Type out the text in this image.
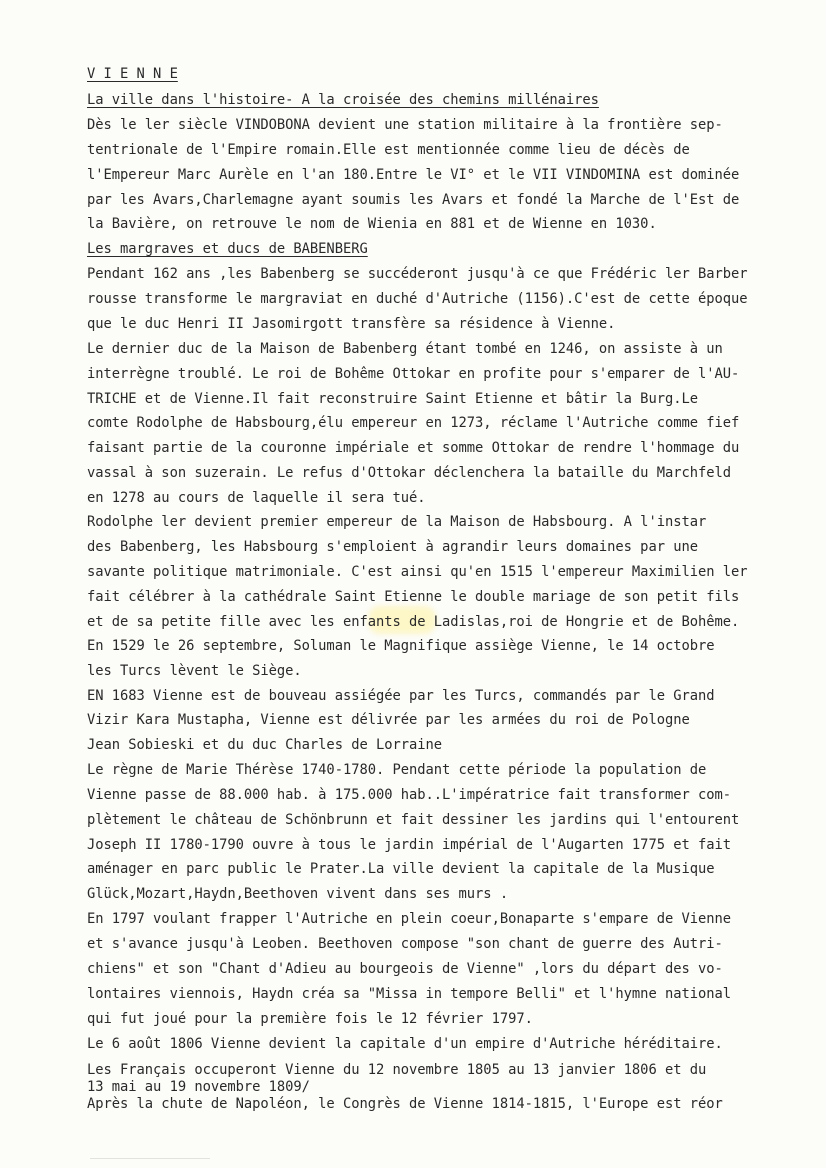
V I E N N E
La ville dans l'histoire- A la croisée des chemins millénaires
Dès le ler siècle VINDOBONA devient une station militaire à la frontière sep-
tentrionale de l'Empire romain.Elle est mentionnée comme lieu de décès de
l'Empereur Marc Aurèle en l'an 180.Entre le VI° et le VII VINDOMINA est dominée
par les Avars,Charlemagne ayant soumis les Avars et fondé la Marche de l'Est de
la Bavière, on retrouve le nom de Wienia en 881 et de Wienne en 1030.
Les margraves et ducs de BABENBERG
Pendant 162 ans ,les Babenberg se succéderont jusqu'à ce que Frédéric ler Barber
rousse transforme le margraviat en duché d'Autriche (1156).C'est de cette époque
que le duc Henri II Jasomirgott transfère sa résidence à Vienne.
Le dernier duc de la Maison de Babenberg étant tombé en 1246, on assiste à un
interrègne troublé. Le roi de Bohême Ottokar en profite pour s'emparer de l'AU-
TRICHE et de Vienne.Il fait reconstruire Saint Etienne et bâtir la Burg.Le
comte Rodolphe de Habsbourg,élu empereur en 1273, réclame l'Autriche comme fief
faisant partie de la couronne impériale et somme Ottokar de rendre l'hommage du
vassal à son suzerain. Le refus d'Ottokar déclenchera la bataille du Marchfeld
en 1278 au cours de laquelle il sera tué.
Rodolphe ler devient premier empereur de la Maison de Habsbourg. A l'instar
des Babenberg, les Habsbourg s'emploient à agrandir leurs domaines par une
savante politique matrimoniale. C'est ainsi qu'en 1515 l'empereur Maximilien ler
fait célébrer à la cathédrale Saint Etienne le double mariage de son petit fils
et de sa petite fille avec les enfants de Ladislas,roi de Hongrie et de Bohême.
En 1529 le 26 septembre, Soluman le Magnifique assiège Vienne, le 14 octobre
les Turcs lèvent le Siège.
EN 1683 Vienne est de bouveau assiégée par les Turcs, commandés par le Grand
Vizir Kara Mustapha, Vienne est délivrée par les armées du roi de Pologne
Jean Sobieski et du duc Charles de Lorraine
Le règne de Marie Thérèse 1740-1780. Pendant cette période la population de
Vienne passe de 88.000 hab. à 175.000 hab..L'impératrice fait transformer com-
plètement le château de Schönbrunn et fait dessiner les jardins qui l'entourent
Joseph II 1780-1790 ouvre à tous le jardin impérial de l'Augarten 1775 et fait
aménager en parc public le Prater.La ville devient la capitale de la Musique
Glück,Mozart,Haydn,Beethoven vivent dans ses murs .
En 1797 voulant frapper l'Autriche en plein coeur,Bonaparte s'empare de Vienne
et s'avance jusqu'à Leoben. Beethoven compose "son chant de guerre des Autri-
chiens" et son "Chant d'Adieu au bourgeois de Vienne" ,lors du départ des vo-
lontaires viennois, Haydn créa sa "Missa in tempore Belli" et l'hymne national
qui fut joué pour la première fois le 12 février 1797.
Le 6 août 1806 Vienne devient la capitale d'un empire d'Autriche héréditaire.
Les Français occuperont Vienne du 12 novembre 1805 au 13 janvier 1806 et du
13 mai au 19 novembre 1809/
Après la chute de Napoléon, le Congrès de Vienne 1814-1815, l'Europe est réor
